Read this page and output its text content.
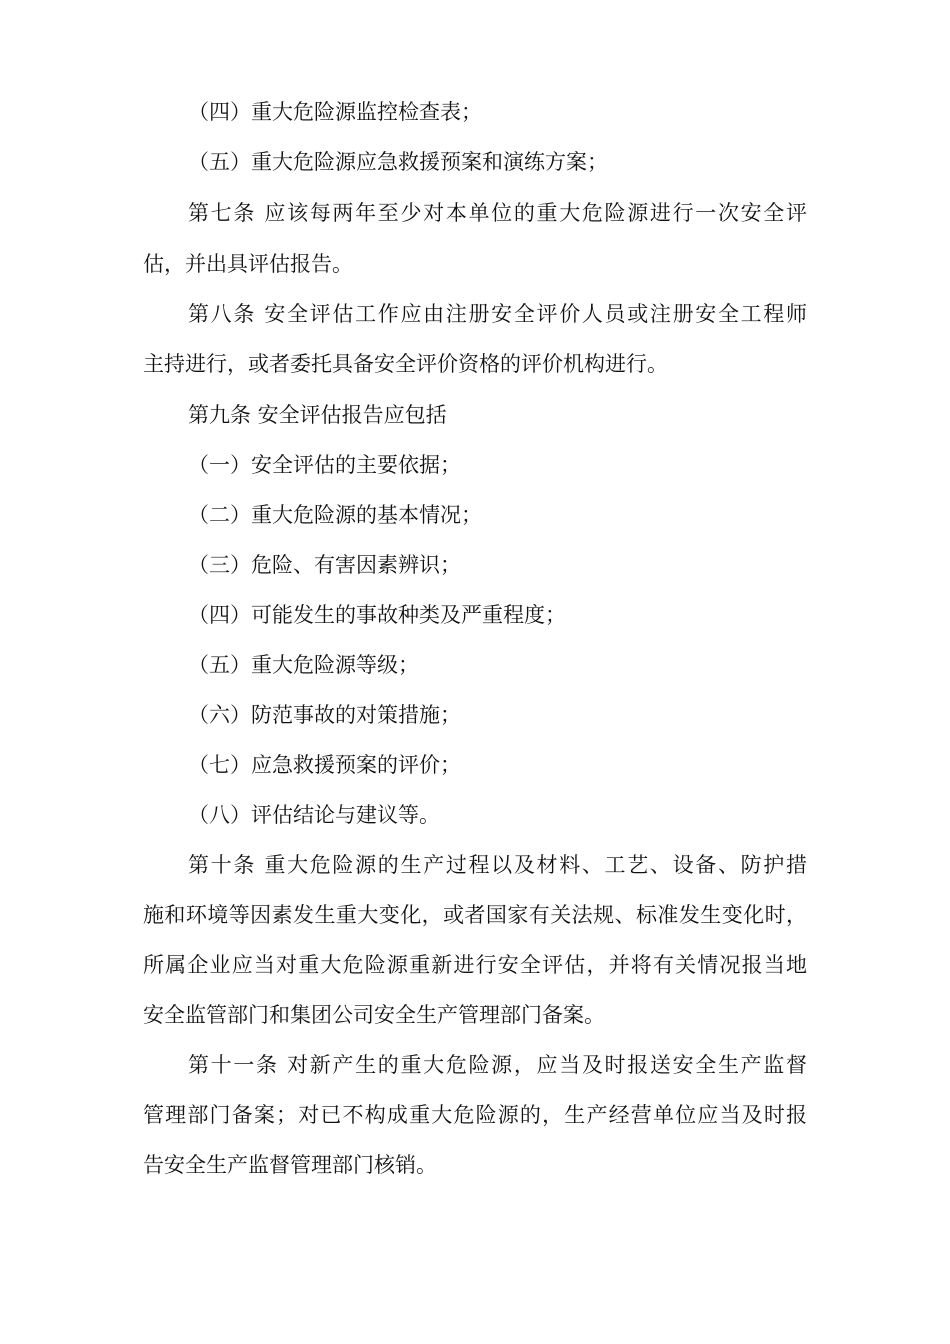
（四）重大危险源监控检查表；

（五）重大危险源应急救援预案和演练方案；

第七条 应该每两年至少对本单位的重大危险源进行一次安全评

估，并出具评估报告。

第八条 安全评估工作应由注册安全评价人员或注册安全工程师

主持进行，或者委托具备安全评价资格的评价机构进行。

第九条 安全评估报告应包括

（一）安全评估的主要依据；

（二）重大危险源的基本情况；

（三）危险、有害因素辨识；

（四）可能发生的事故种类及严重程度；

（五）重大危险源等级；

（六）防范事故的对策措施；

（七）应急救援预案的评价；

（八）评估结论与建议等。

第十条 重大危险源的生产过程以及材料、工艺、设备、防护措

施和环境等因素发生重大变化，或者国家有关法规、标准发生变化时，

所属企业应当对重大危险源重新进行安全评估，并将有关情况报当地

安全监管部门和集团公司安全生产管理部门备案。

第十一条 对新产生的重大危险源，应当及时报送安全生产监督

管理部门备案；对已不构成重大危险源的，生产经营单位应当及时报

告安全生产监督管理部门核销。
